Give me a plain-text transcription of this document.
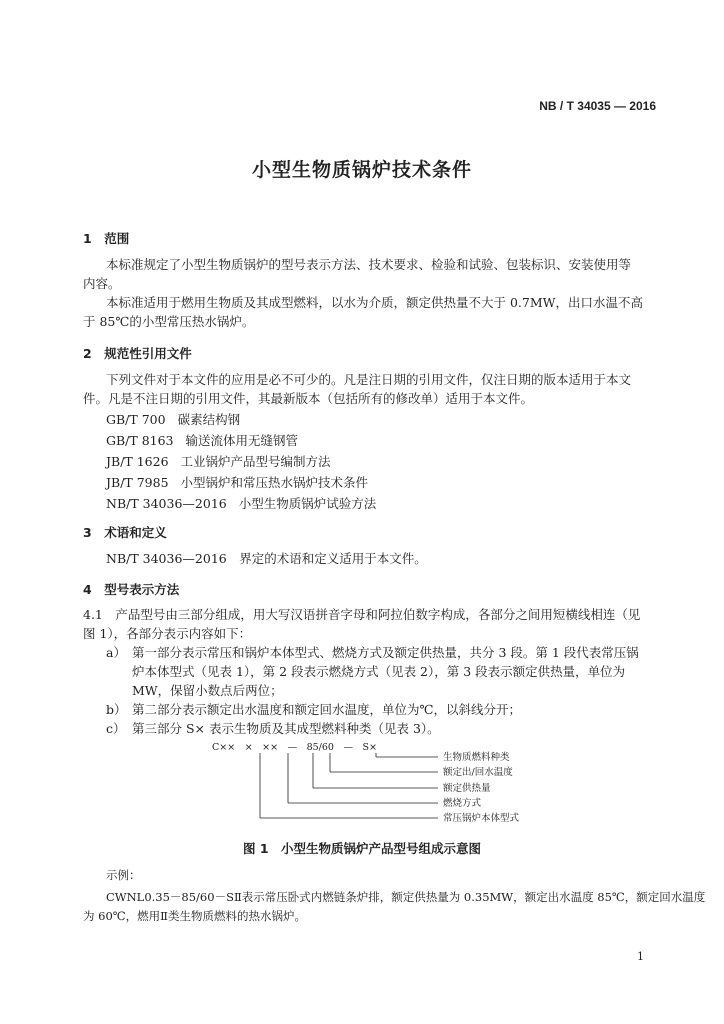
NB / T 34035 — 2016
小型生物质锅炉技术条件
1　范围
本标准规定了小型生物质锅炉的型号表示方法、技术要求、检验和试验、包装标识、安装使用等
内容。
本标准适用于燃用生物质及其成型燃料，以水为介质，额定供热量不大于 0.7MW，出口水温不高
于 85℃的小型常压热水锅炉。
2　规范性引用文件
下列文件对于本文件的应用是必不可少的。凡是注日期的引用文件，仅注日期的版本适用于本文
件。凡是不注日期的引用文件，其最新版本（包括所有的修改单）适用于本文件。
GB/T 700 碳素结构钢
GB/T 8163 输送流体用无缝钢管
JB/T 1626 工业锅炉产品型号编制方法
JB/T 7985 小型锅炉和常压热水锅炉技术条件
NB/T 34036—2016 小型生物质锅炉试验方法
3　术语和定义
NB/T 34036—2016　界定的术语和定义适用于本文件。
4　型号表示方法
4.1　产品型号由三部分组成，用大写汉语拼音字母和阿拉伯数字构成，各部分之间用短横线相连（见
图 1），各部分表示内容如下：
a） 第一部分表示常压和锅炉本体型式、燃烧方式及额定供热量，共分 3 段。第 1 段代表常压锅
炉本体型式（见表 1），第 2 段表示燃烧方式（见表 2），第 3 段表示额定供热量，单位为
MW，保留小数点后两位；
b） 第二部分表示额定出水温度和额定回水温度，单位为℃，以斜线分开；
c） 第三部分 S× 表示生物质及其成型燃料种类（见表 3）。
C××　×　××　—　85/60　—　S×
生物质燃料种类
额定出/回水温度
额定供热量
燃烧方式
常压锅炉本体型式
图 1　小型生物质锅炉产品型号组成示意图
示例：
CWNL0.35－85/60－SⅡ表示常压卧式内燃链条炉排，额定供热量为 0.35MW，额定出水温度 85℃，额定回水温度
为 60℃，燃用Ⅱ类生物质燃料的热水锅炉。
1
